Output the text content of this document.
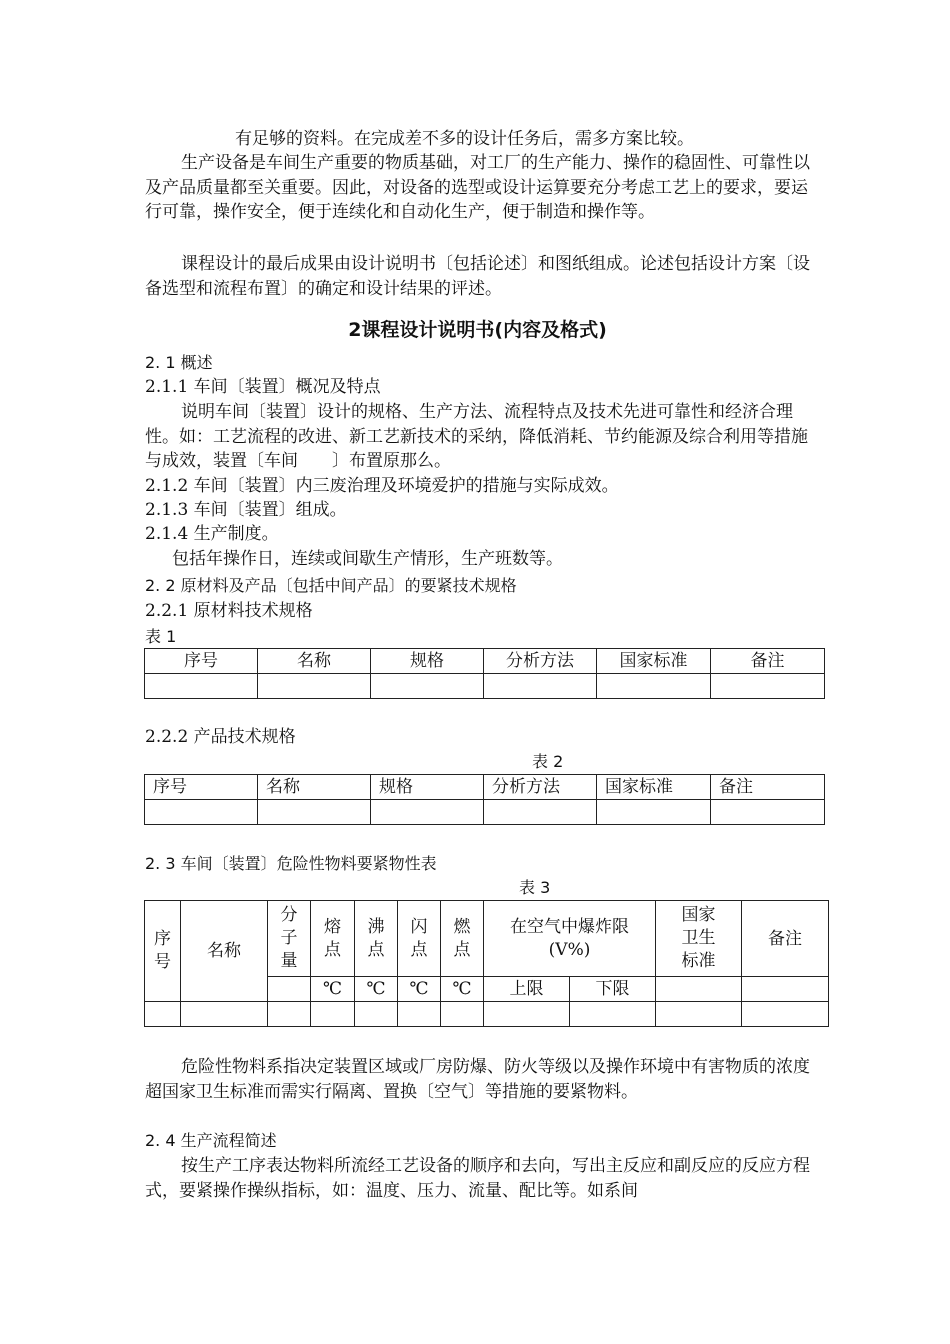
有足够的资料。在完成差不多的设计任务后，需多方案比较。

生产设备是车间生产重要的物质基础，对工厂的生产能力、操作的稳固性、可靠性以及产品质量都至关重要。因此，对设备的选型或设计运算要充分考虑工艺上的要求，要运行可靠，操作安全，便于连续化和自动化生产，便于制造和操作等。

课程设计的最后成果由设计说明书〔包括论述〕和图纸组成。论述包括设计方案〔设备选型和流程布置〕的确定和设计结果的评述。

2课程设计说明书(内容及格式)
2. 1 概述
2.1.1 车间〔装置〕概况及特点

说明车间〔装置〕设计的规格、生产方法、流程特点及技术先进可靠性和经济合理性。如：工艺流程的改进、新工艺新技术的采纳，降低消耗、节约能源及综合利用等措施与成效，装置〔车间　　〕布置原那么。

2.1.2 车间〔装置〕内三废治理及环境爱护的措施与实际成效。
2.1.3 车间〔装置〕组成。
2.1.4 生产制度。
包括年操作日，连续或间歇生产情形，生产班数等。
2. 2 原材料及产品〔包括中间产品〕的要紧技术规格
2.2.1 原材料技术规格
表 1
序号	名称	规格	分析方法	国家标准	备注

2.2.2 产品技术规格
表 2
序号	名称	规格	分析方法	国家标准	备注

2. 3 车间〔装置〕危险性物料要紧物性表
表 3
序号	名称	分子量	熔点	沸点	闪点	燃点	在空气中爆炸限(V%)		国家卫生标准	备注
			℃	℃	℃	℃	上限	下限		

危险性物料系指决定装置区域或厂房防爆、防火等级以及操作环境中有害物质的浓度超国家卫生标准而需实行隔离、置换〔空气〕等措施的要紧物料。

2. 4 生产流程简述

按生产工序表达物料所流经工艺设备的顺序和去向，写出主反应和副反应的反应方程式，要紧操作操纵指标，如：温度、压力、流量、配比等。如系间
